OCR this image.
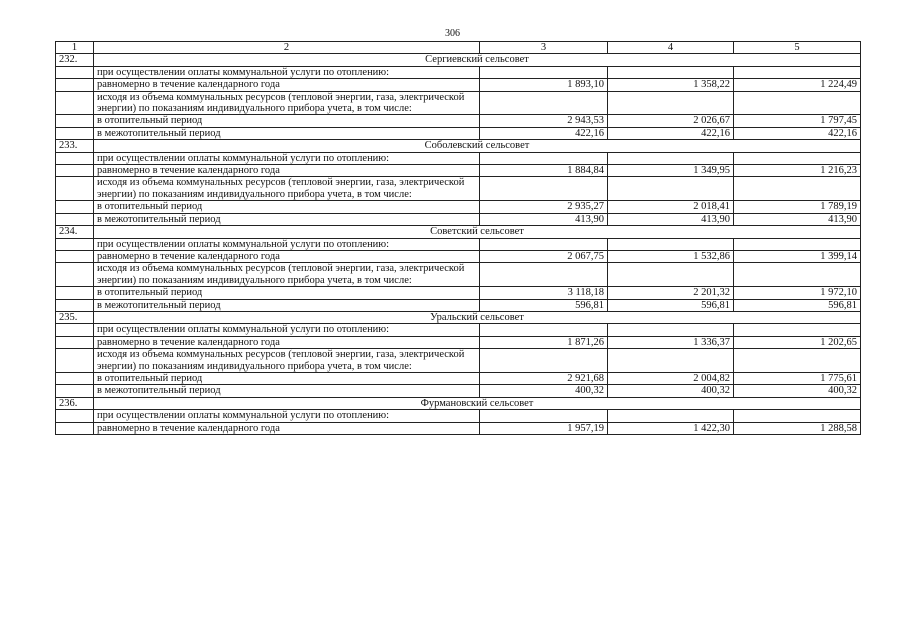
306
1	2	3	4	5
232.	Сергиевский сельсовет			
	при осуществлении оплаты коммунальной услуги по отоплению:			
	равномерно в течение календарного года	1 893,10	1 358,22	1 224,49
	исходя из объема коммунальных ресурсов (тепловой энергии, газа, электрической энергии) по показаниям индивидуального прибора учета, в том числе:			
	в отопительный период	2 943,53	2 026,67	1 797,45
	в межотопительный период	422,16	422,16	422,16
233.	Соболевский сельсовет			
	при осуществлении оплаты коммунальной услуги по отоплению:			
	равномерно в течение календарного года	1 884,84	1 349,95	1 216,23
	исходя из объема коммунальных ресурсов (тепловой энергии, газа, электрической энергии) по показаниям индивидуального прибора учета, в том числе:			
	в отопительный период	2 935,27	2 018,41	1 789,19
	в межотопительный период	413,90	413,90	413,90
234.	Советский сельсовет			
	при осуществлении оплаты коммунальной услуги по отоплению:			
	равномерно в течение календарного года	2 067,75	1 532,86	1 399,14
	исходя из объема коммунальных ресурсов (тепловой энергии, газа, электрической энергии) по показаниям индивидуального прибора учета, в том числе:			
	в отопительный период	3 118,18	2 201,32	1 972,10
	в межотопительный период	596,81	596,81	596,81
235.	Уральский сельсовет			
	при осуществлении оплаты коммунальной услуги по отоплению:			
	равномерно в течение календарного года	1 871,26	1 336,37	1 202,65
	исходя из объема коммунальных ресурсов (тепловой энергии, газа, электрической энергии) по показаниям индивидуального прибора учета, в том числе:			
	в отопительный период	2 921,68	2 004,82	1 775,61
	в межотопительный период	400,32	400,32	400,32
236.	Фурмановский сельсовет			
	при осуществлении оплаты коммунальной услуги по отоплению:			
	равномерно в течение календарного года	1 957,19	1 422,30	1 288,58
